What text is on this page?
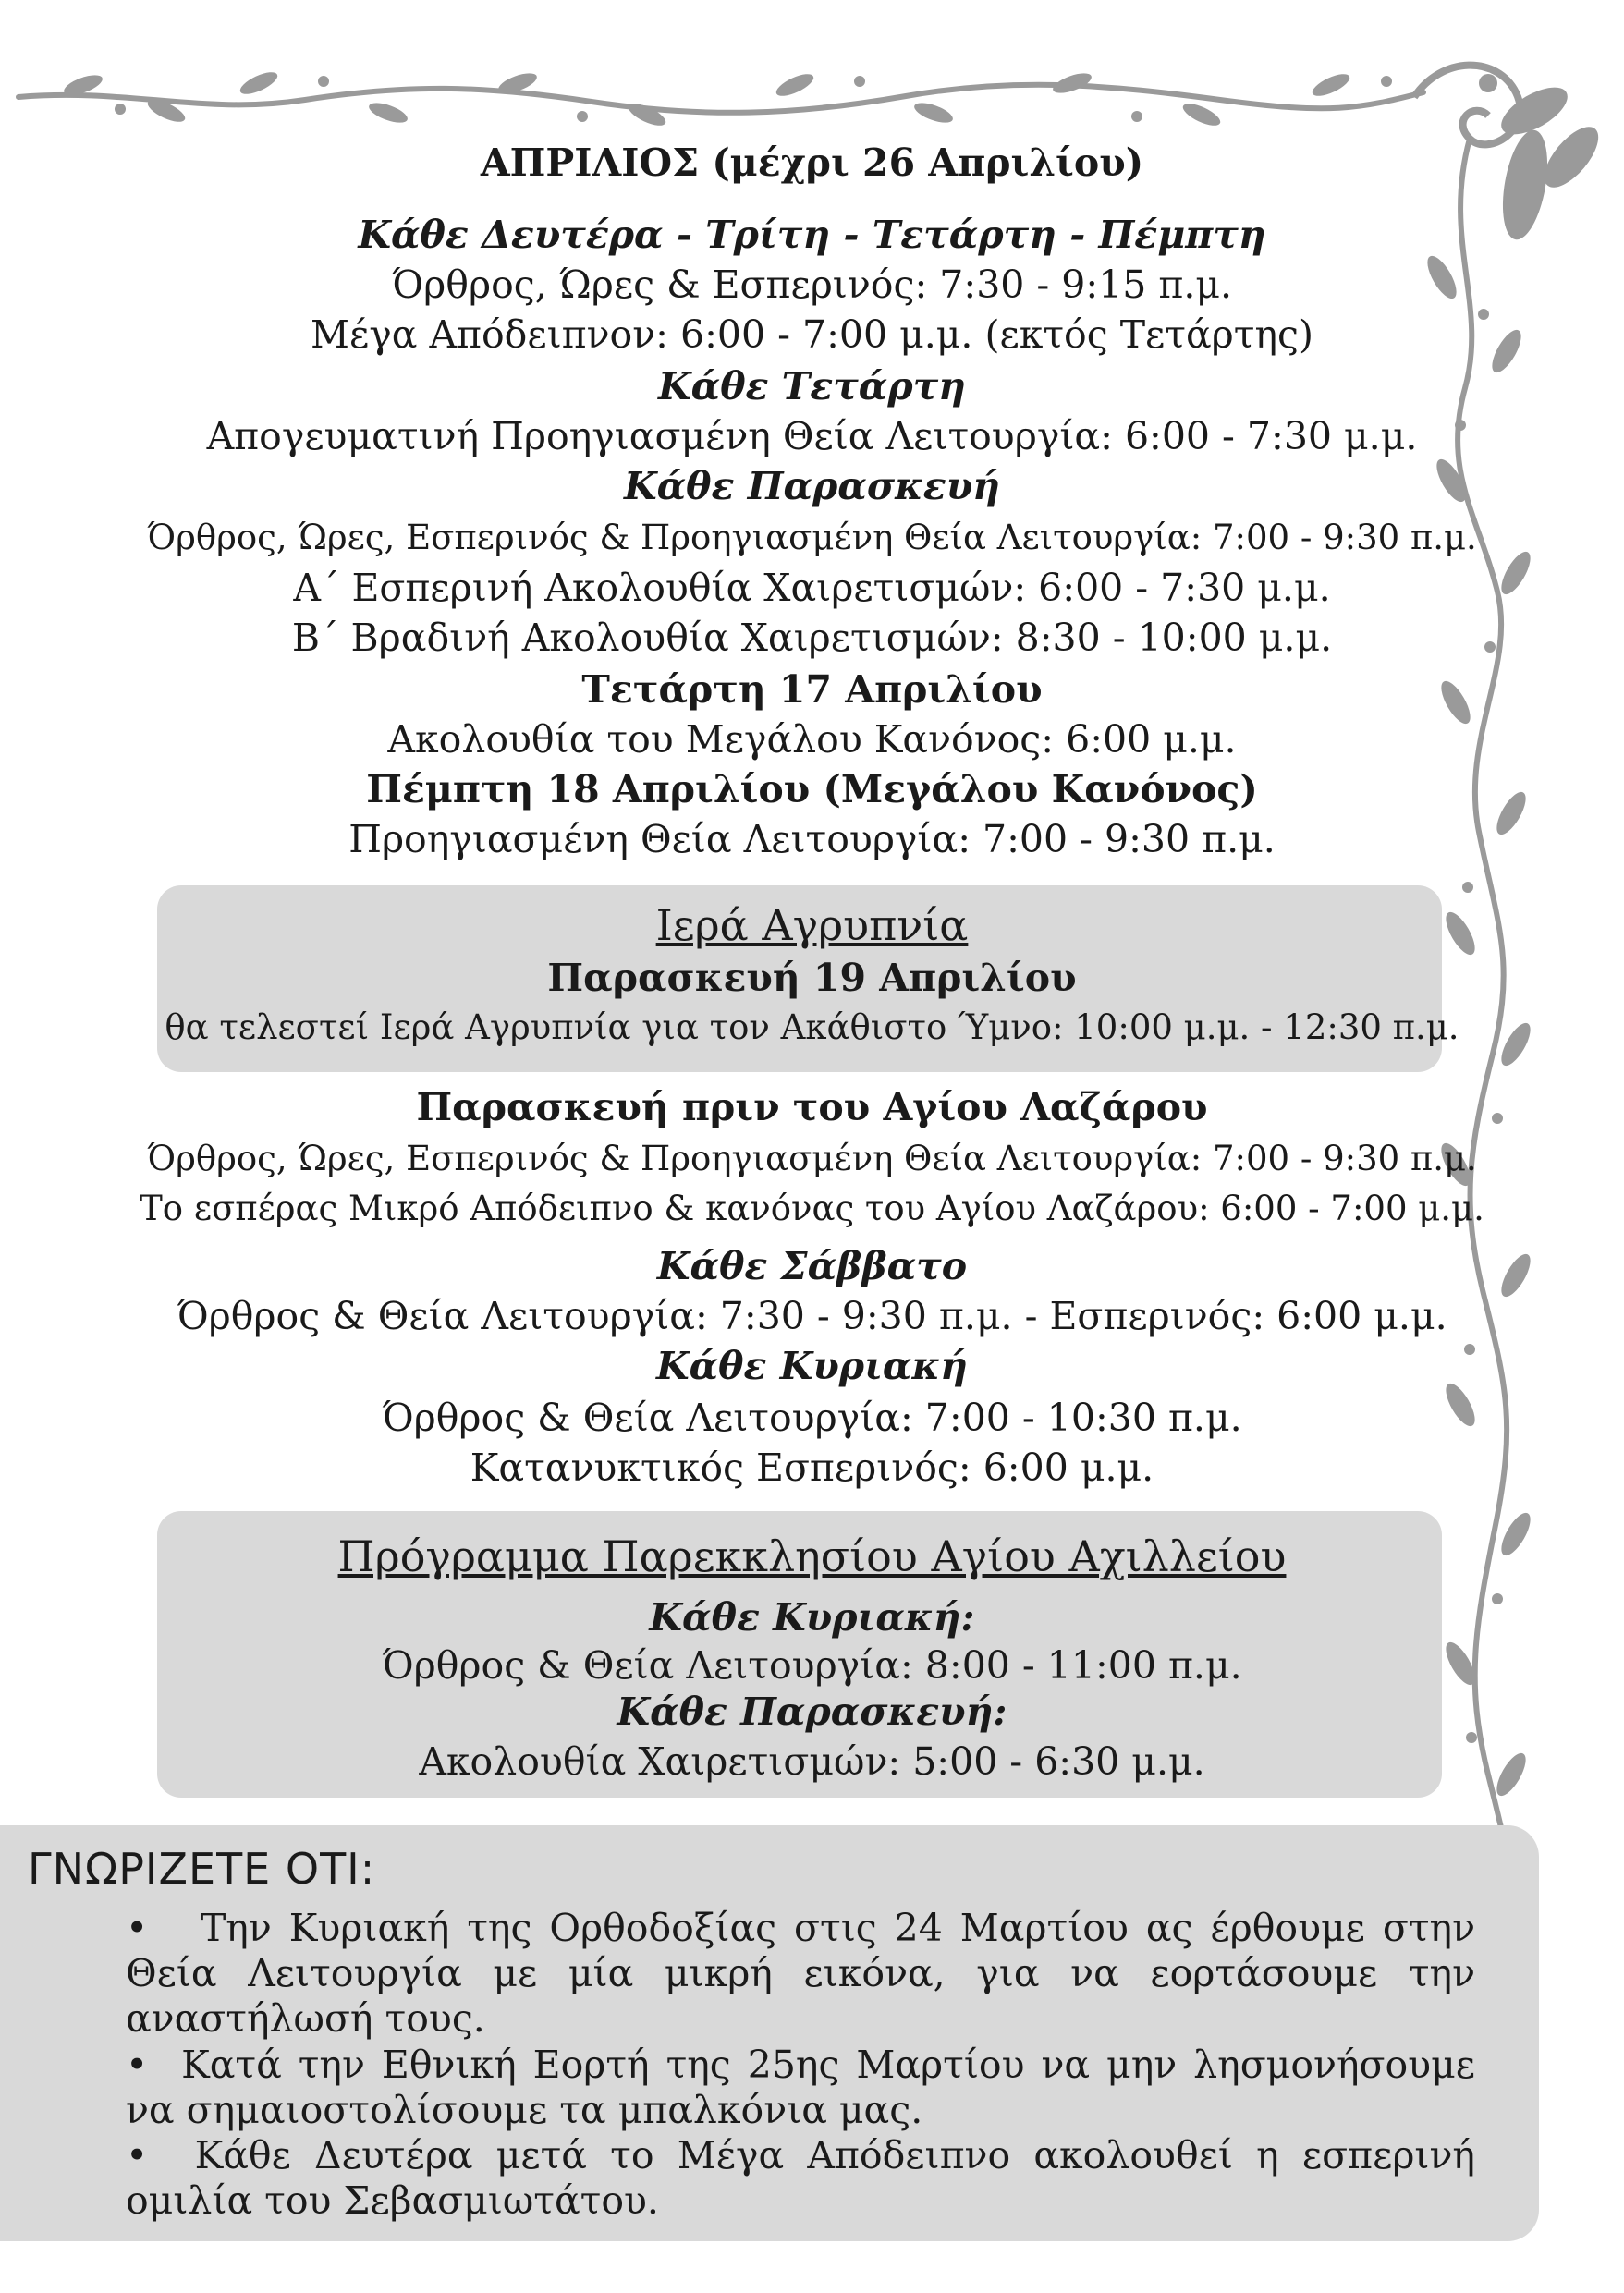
ΑΠΡΙΛΙΟΣ (μέχρι 26 Απριλίου)
Κάθε Δευτέρα - Τρίτη - Τετάρτη - Πέμπτη
Όρθρος, Ώρες & Εσπερινός: 7:30 - 9:15 π.μ.
Μέγα Απόδειπνον: 6:00 - 7:00 μ.μ. (εκτός Τετάρτης)
Κάθε Τετάρτη
Απογευματινή Προηγιασμένη Θεία Λειτουργία: 6:00 - 7:30 μ.μ.
Κάθε Παρασκευή
Όρθρος, Ώρες, Εσπερινός & Προηγιασμένη Θεία Λειτουργία: 7:00 - 9:30 π.μ.
Α΄ Εσπερινή Ακολουθία Χαιρετισμών: 6:00 - 7:30 μ.μ.
Β΄ Βραδινή Ακολουθία Χαιρετισμών: 8:30 - 10:00 μ.μ.
Τετάρτη 17 Απριλίου
Ακολουθία του Μεγάλου Κανόνος: 6:00 μ.μ.
Πέμπτη 18 Απριλίου (Μεγάλου Κανόνος)
Προηγιασμένη Θεία Λειτουργία: 7:00 - 9:30 π.μ.
Ιερά Αγρυπνία
Παρασκευή 19 Απριλίου
θα τελεστεί Ιερά Αγρυπνία για τον Ακάθιστο Ύμνο: 10:00 μ.μ. - 12:30 π.μ.
Παρασκευή πριν του Αγίου Λαζάρου
Όρθρος, Ώρες, Εσπερινός & Προηγιασμένη Θεία Λειτουργία: 7:00 - 9:30 π.μ.
Το εσπέρας Μικρό Απόδειπνο & κανόνας του Αγίου Λαζάρου: 6:00 - 7:00 μ.μ.
Κάθε Σάββατο
Όρθρος & Θεία Λειτουργία: 7:30 - 9:30 π.μ. - Εσπερινός: 6:00 μ.μ.
Κάθε Κυριακή
Όρθρος & Θεία Λειτουργία: 7:00 - 10:30 π.μ.
Κατανυκτικός Εσπερινός: 6:00 μ.μ.
Πρόγραμμα Παρεκκλησίου Αγίου Αχιλλείου
Κάθε Κυριακή:
Όρθρος & Θεία Λειτουργία: 8:00 - 11:00 π.μ.
Κάθε Παρασκευή:
Ακολουθία Χαιρετισμών: 5:00 - 6:30 μ.μ.
ΓΝΩΡΙΖΕΤΕ ΟΤΙ:
• Την Κυριακή της Ορθοδοξίας στις 24 Μαρτίου ας έρθουμε στην Θεία Λειτουργία με μία μικρή εικόνα, για να εορτάσουμε την αναστήλωσή τους.
• Κατά την Εθνική Εορτή της 25ης Μαρτίου να μην λησμονήσουμε να σημαιοστολίσουμε τα μπαλκόνια μας.
• Κάθε Δευτέρα μετά το Μέγα Απόδειπνο ακολουθεί η εσπερινή ομιλία του Σεβασμιωτάτου.
